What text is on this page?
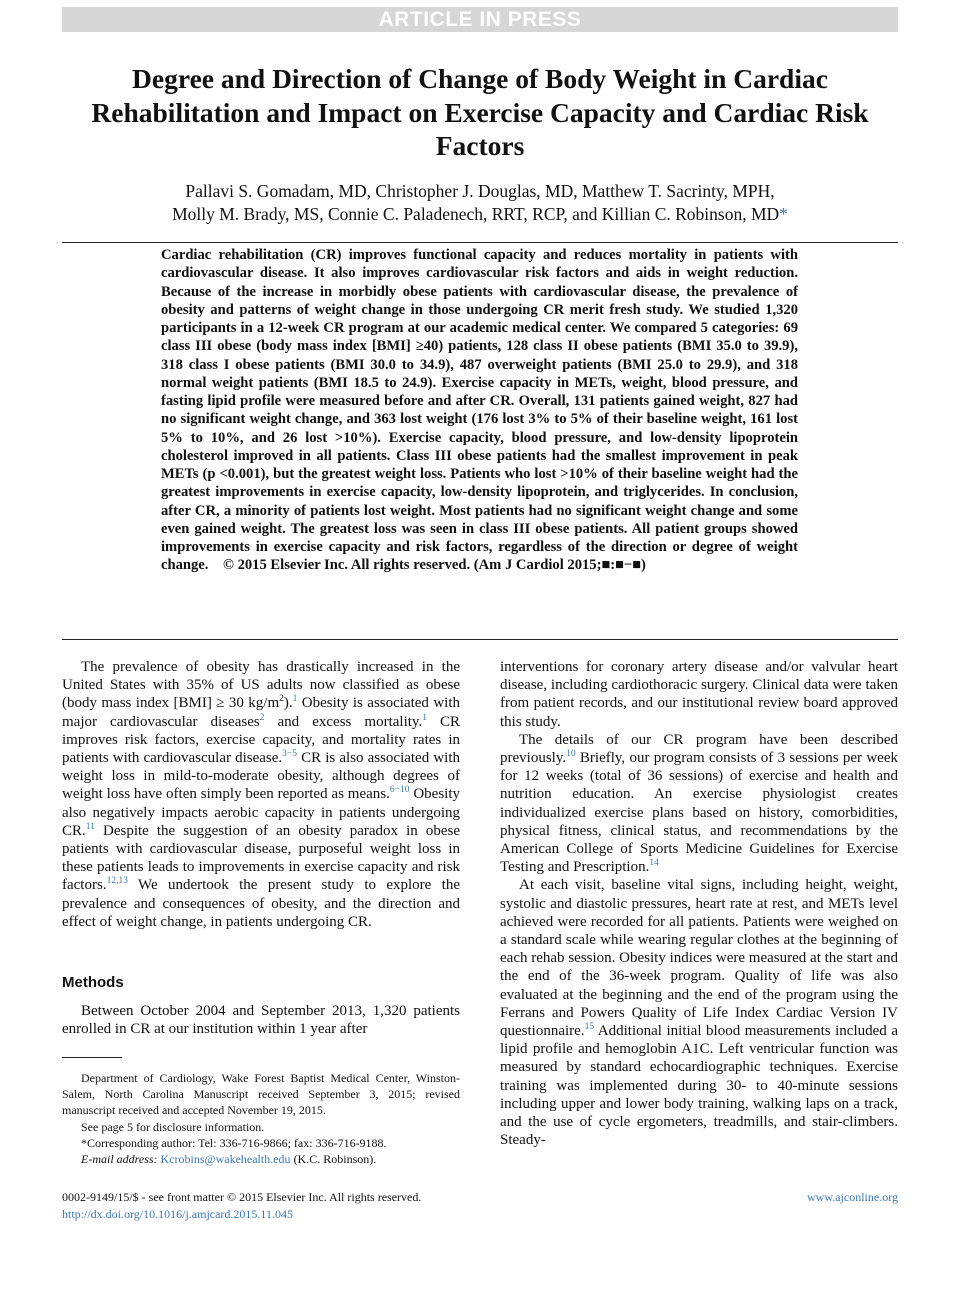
ARTICLE IN PRESS
Degree and Direction of Change of Body Weight in Cardiac Rehabilitation and Impact on Exercise Capacity and Cardiac Risk Factors
Pallavi S. Gomadam, MD, Christopher J. Douglas, MD, Matthew T. Sacrinty, MPH,
Molly M. Brady, MS, Connie C. Paladenech, RRT, RCP, and Killian C. Robinson, MD*

Cardiac rehabilitation (CR) improves functional capacity and reduces mortality in patients with cardiovascular disease. It also improves cardiovascular risk factors and aids in weight reduction. Because of the increase in morbidly obese patients with cardiovascular disease, the prevalence of obesity and patterns of weight change in those undergoing CR merit fresh study. We studied 1,320 participants in a 12-week CR program at our academic medical center. We compared 5 categories: 69 class III obese (body mass index [BMI] ≥40) patients, 128 class II obese patients (BMI 35.0 to 39.9), 318 class I obese patients (BMI 30.0 to 34.9), 487 overweight patients (BMI 25.0 to 29.9), and 318 normal weight patients (BMI 18.5 to 24.9). Exercise capacity in METs, weight, blood pressure, and fasting lipid profile were measured before and after CR. Overall, 131 patients gained weight, 827 had no significant weight change, and 363 lost weight (176 lost 3% to 5% of their baseline weight, 161 lost 5% to 10%, and 26 lost >10%). Exercise capacity, blood pressure, and low-density lipoprotein cholesterol improved in all patients. Class III obese patients had the smallest improvement in peak METs (p <0.001), but the greatest weight loss. Patients who lost >10% of their baseline weight had the greatest improvements in exercise capacity, low-density lipoprotein, and triglycerides. In conclusion, after CR, a minority of patients lost weight. Most patients had no significant weight change and some even gained weight. The greatest loss was seen in class III obese patients. All patient groups showed improvements in exercise capacity and risk factors, regardless of the direction or degree of weight change. © 2015 Elsevier Inc. All rights reserved. (Am J Cardiol 2015;■:■−■)

The prevalence of obesity has drastically increased in the United States with 35% of US adults now classified as obese (body mass index [BMI] ≥ 30 $kg/m^2).^1$ Obesity is associated with major cardiovascular diseases$^2$ and excess mortality.$^1$ CR improves risk factors, exercise capacity, and mortality rates in patients with cardiovascular disease.$^{3-5}$ CR is also associated with weight loss in mild-to-moderate obesity, although degrees of weight loss have often simply been reported as means.$^{6-10}$ Obesity also negatively impacts aerobic capacity in patients undergoing CR.$^{11}$ Despite the suggestion of an obesity paradox in obese patients with cardiovascular disease, purposeful weight loss in these patients leads to improvements in exercise capacity and risk factors.$^{12,13}$ We undertook the present study to explore the prevalence and consequences of obesity, and the direction and effect of weight change, in patients undergoing CR.

Methods

Between October 2004 and September 2013, 1,320 patients enrolled in CR at our institution within 1 year after

Department of Cardiology, Wake Forest Baptist Medical Center, Winston-Salem, North Carolina Manuscript received September 3, 2015; revised manuscript received and accepted November 19, 2015.

See page 5 for disclosure information.

*Corresponding author: Tel: 336-716-9866; fax: 336-716-9188.

E-mail address: Kcrobins@wakehealth.edu (K.C. Robinson).

interventions for coronary artery disease and/or valvular heart disease, including cardiothoracic surgery. Clinical data were taken from patient records, and our institutional review board approved this study.

The details of our CR program have been described previously.$^{10}$ Briefly, our program consists of 3 sessions per week for 12 weeks (total of 36 sessions) of exercise and health and nutrition education. An exercise physiologist creates individualized exercise plans based on history, comorbidities, physical fitness, clinical status, and recommendations by the American College of Sports Medicine Guidelines for Exercise Testing and Prescription.$^{14}$

At each visit, baseline vital signs, including height, weight, systolic and diastolic pressures, heart rate at rest, and METs level achieved were recorded for all patients. Patients were weighed on a standard scale while wearing regular clothes at the beginning of each rehab session. Obesity indices were measured at the start and the end of the 36-week program. Quality of life was also evaluated at the beginning and the end of the program using the Ferrans and Powers Quality of Life Index Cardiac Version IV questionnaire.$^{15}$ Additional initial blood measurements included a lipid profile and hemoglobin A1C. Left ventricular function was measured by standard echocardiographic techniques. Exercise training was implemented during 30- to 40-minute sessions including upper and lower body training, walking laps on a track, and the use of cycle ergometers, treadmills, and stair-climbers. Steady-

0002-9149/15/$ - see front matter © 2015 Elsevier Inc. All rights reserved.
http://dx.doi.org/10.1016/j.amjcard.2015.11.045
www.ajconline.org
